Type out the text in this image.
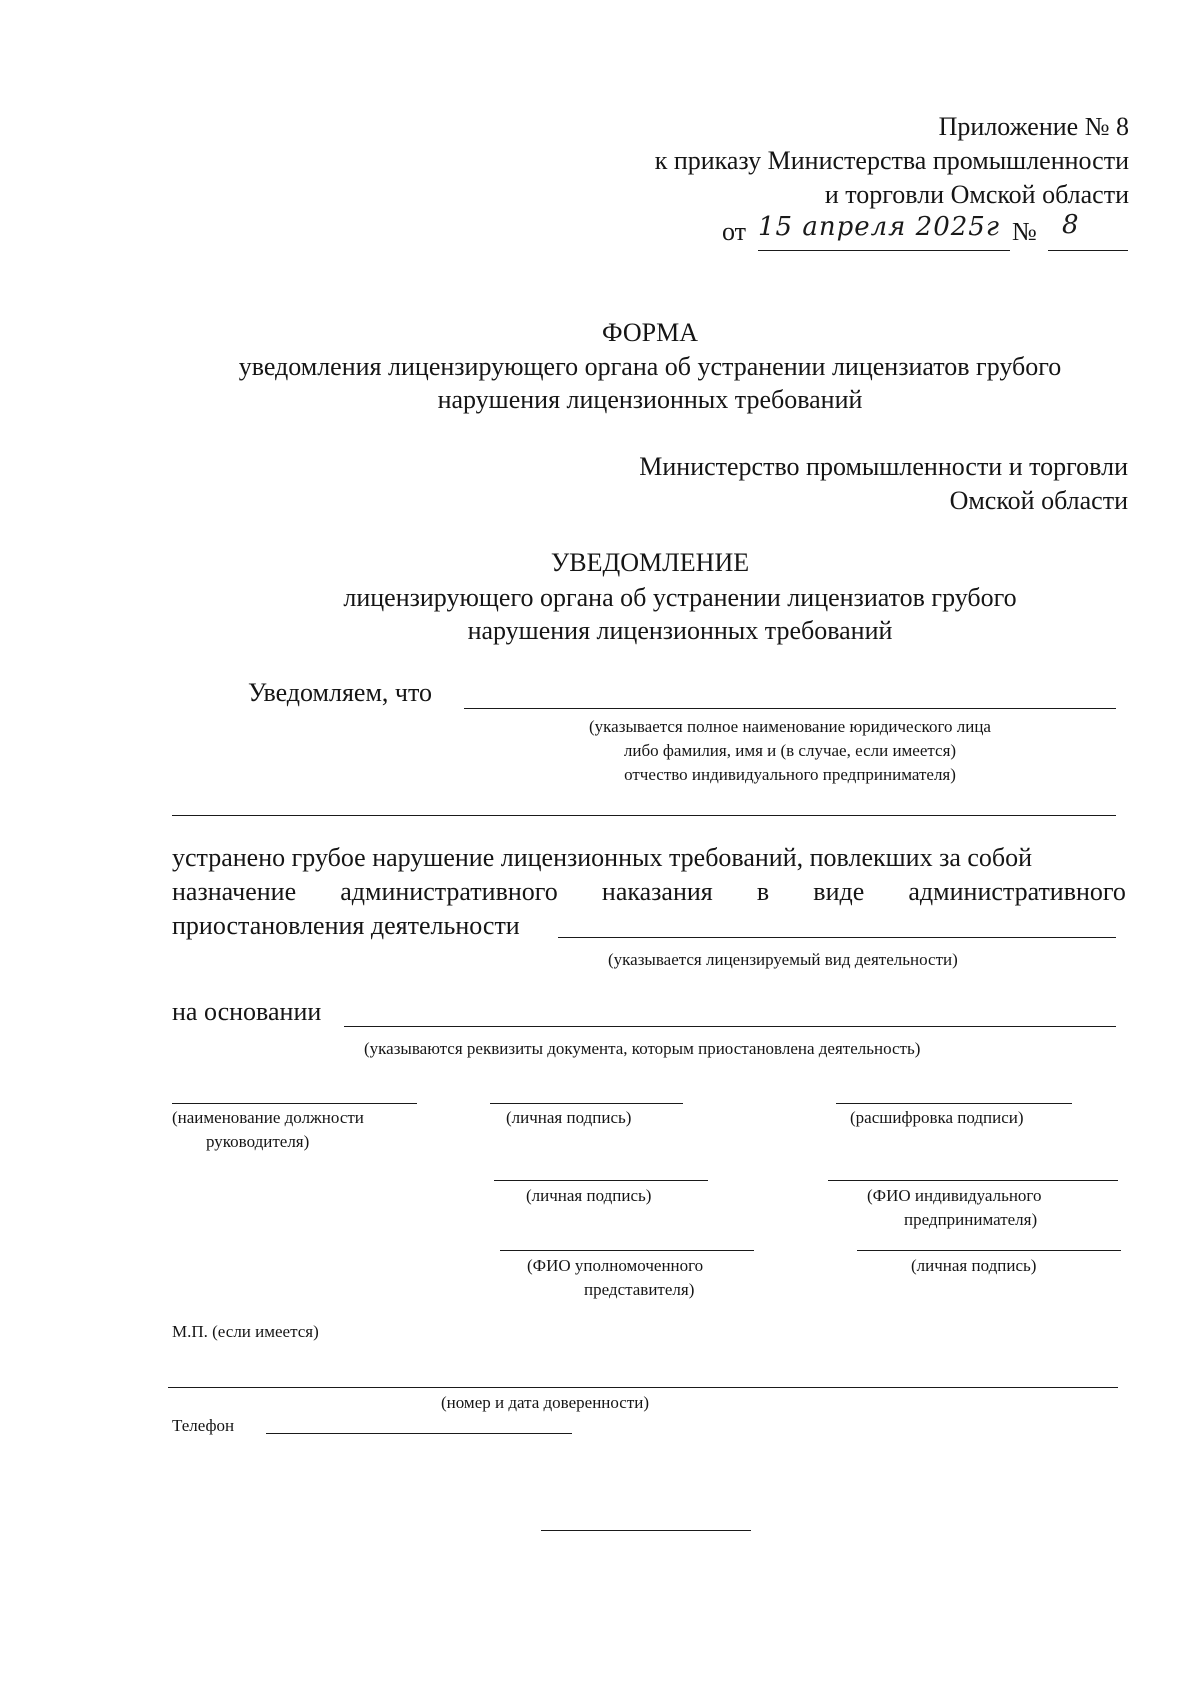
Приложение № 8
к приказу Министерства промышленности
и торговли Омской области
от 15 апреля 2025г № 8
ФОРМА
уведомления лицензирующего органа об устранении лицензиатов грубого
нарушения лицензионных требований
Министерство промышленности и торговли
Омской области
УВЕДОМЛЕНИЕ
лицензирующего органа об устранении лицензиатов грубого
нарушения лицензионных требований
Уведомляем, что
(указывается полное наименование юридического лица
либо фамилия, имя и (в случае, если имеется)
отчество индивидуального предпринимателя)
устранено грубое нарушение лицензионных требований, повлекших за собой
назначение административного наказания в виде административного
приостановления деятельности
(указывается лицензируемый вид деятельности)
на основании
(указываются реквизиты документа, которым приостановлена деятельность)
(наименование должности
руководителя)
(личная подпись)	(расшифровка подписи)
(личная подпись)	(ФИО индивидуального
предпринимателя)
(ФИО уполномоченного
представителя)
(личная подпись)
М.П. (если имеется)
(номер и дата доверенности)
Телефон
